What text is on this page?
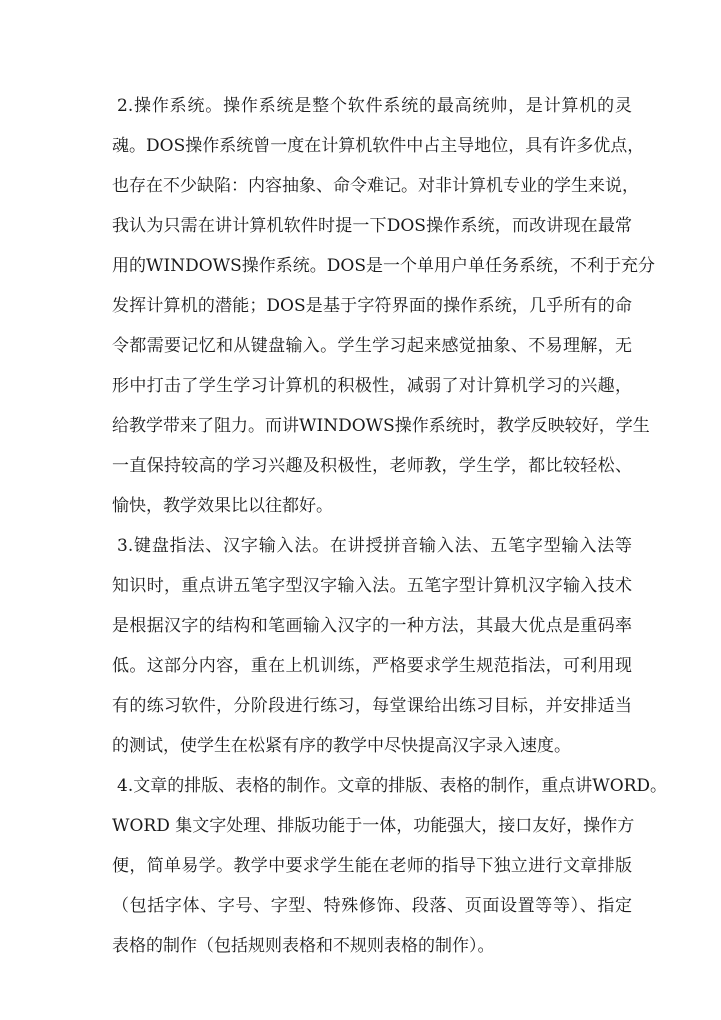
2.操作系统。操作系统是整个软件系统的最高统帅，是计算机的灵
魂。DOS操作系统曾一度在计算机软件中占主导地位，具有许多优点，
也存在不少缺陷：内容抽象、命令难记。对非计算机专业的学生来说，
我认为只需在讲计算机软件时提一下DOS操作系统，而改讲现在最常
用的WINDOWS操作系统。DOS是一个单用户单任务系统，不利于充分
发挥计算机的潜能；DOS是基于字符界面的操作系统，几乎所有的命
令都需要记忆和从键盘输入。学生学习起来感觉抽象、不易理解，无
形中打击了学生学习计算机的积极性，减弱了对计算机学习的兴趣，
给教学带来了阻力。而讲WINDOWS操作系统时，教学反映较好，学生
一直保持较高的学习兴趣及积极性，老师教，学生学，都比较轻松、
愉快，教学效果比以往都好。
3.键盘指法、汉字输入法。在讲授拼音输入法、五笔字型输入法等
知识时，重点讲五笔字型汉字输入法。五笔字型计算机汉字输入技术
是根据汉字的结构和笔画输入汉字的一种方法，其最大优点是重码率
低。这部分内容，重在上机训练，严格要求学生规范指法，可利用现
有的练习软件，分阶段进行练习，每堂课给出练习目标，并安排适当
的测试，使学生在松紧有序的教学中尽快提高汉字录入速度。
4.文章的排版、表格的制作。文章的排版、表格的制作，重点讲WORD。
WORD 集文字处理、排版功能于一体，功能强大，接口友好，操作方
便，简单易学。教学中要求学生能在老师的指导下独立进行文章排版
（包括字体、字号、字型、特殊修饰、段落、页面设置等等）、指定
表格的制作（包括规则表格和不规则表格的制作）。
